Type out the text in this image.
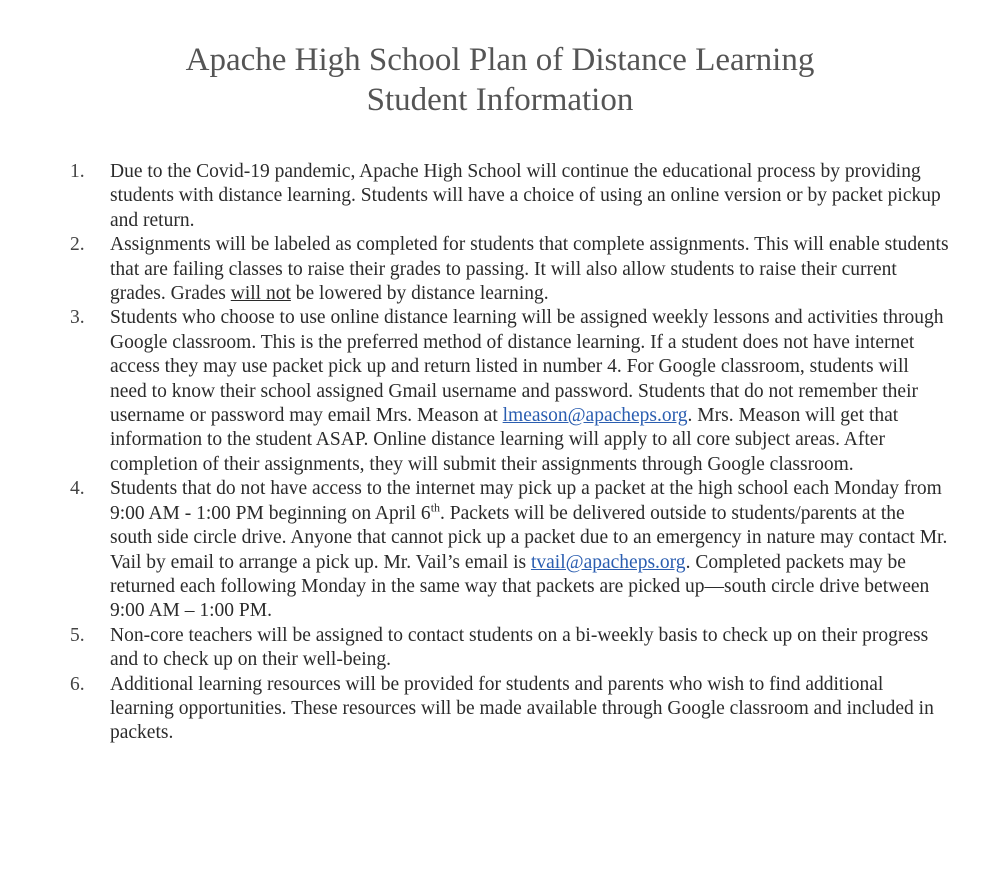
Apache High School Plan of Distance Learning
Student Information
1.	Due to the Covid-19 pandemic, Apache High School will continue the educational process by providing students with distance learning. Students will have a choice of using an online version or by packet pickup and return.
2.	Assignments will be labeled as completed for students that complete assignments. This will enable students that are failing classes to raise their grades to passing. It will also allow students to raise their current grades. Grades will not be lowered by distance learning.
3.	Students who choose to use online distance learning will be assigned weekly lessons and activities through Google classroom. This is the preferred method of distance learning. If a student does not have internet access they may use packet pick up and return listed in number 4. For Google classroom, students will need to know their school assigned Gmail username and password. Students that do not remember their username or password may email Mrs. Meason at lmeason@apacheps.org. Mrs. Meason will get that information to the student ASAP. Online distance learning will apply to all core subject areas. After completion of their assignments, they will submit their assignments through Google classroom.
4.	Students that do not have access to the internet may pick up a packet at the high school each Monday from 9:00 AM - 1:00 PM beginning on April 6th. Packets will be delivered outside to students/parents at the south side circle drive. Anyone that cannot pick up a packet due to an emergency in nature may contact Mr. Vail by email to arrange a pick up. Mr. Vail’s email is tvail@apacheps.org. Completed packets may be returned each following Monday in the same way that packets are picked up—south circle drive between 9:00 AM – 1:00 PM.
5.	Non-core teachers will be assigned to contact students on a bi-weekly basis to check up on their progress and to check up on their well-being.
6.	Additional learning resources will be provided for students and parents who wish to find additional learning opportunities. These resources will be made available through Google classroom and included in packets.
